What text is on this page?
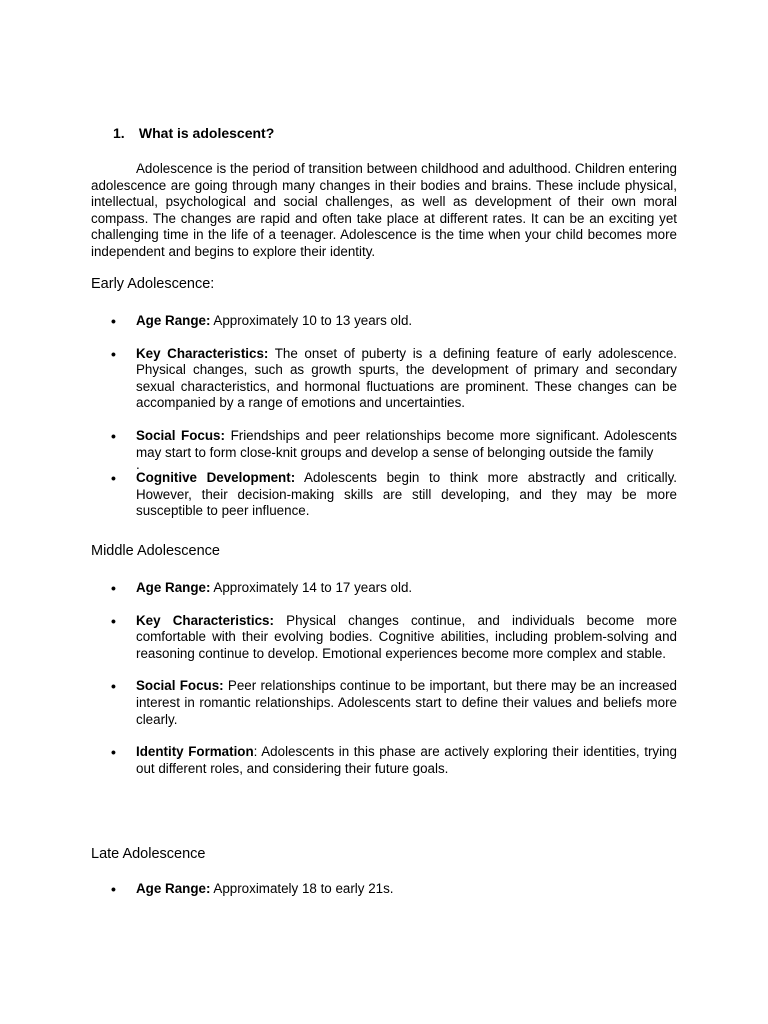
1. What is adolescent?

Adolescence is the period of transition between childhood and adulthood. Children entering adolescence are going through many changes in their bodies and brains. These include physical, intellectual, psychological and social challenges, as well as development of their own moral compass. The changes are rapid and often take place at different rates. It can be an exciting yet challenging time in the life of a teenager. Adolescence is the time when your child becomes more independent and begins to explore their identity.

Early Adolescence:
• Age Range: Approximately 10 to 13 years old.
• Key Characteristics: The onset of puberty is a defining feature of early adolescence. Physical changes, such as growth spurts, the development of primary and secondary sexual characteristics, and hormonal fluctuations are prominent. These changes can be accompanied by a range of emotions and uncertainties.
• Social Focus: Friendships and peer relationships become more significant. Adolescents may start to form close-knit groups and develop a sense of belonging outside the family
.
• Cognitive Development: Adolescents begin to think more abstractly and critically. However, their decision-making skills are still developing, and they may be more susceptible to peer influence.
Middle Adolescence
• Age Range: Approximately 14 to 17 years old.
• Key Characteristics: Physical changes continue, and individuals become more comfortable with their evolving bodies. Cognitive abilities, including problem-solving and reasoning continue to develop. Emotional experiences become more complex and stable.
• Social Focus: Peer relationships continue to be important, but there may be an increased interest in romantic relationships. Adolescents start to define their values and beliefs more clearly.
• Identity Formation: Adolescents in this phase are actively exploring their identities, trying out different roles, and considering their future goals.
Late Adolescence
• Age Range: Approximately 18 to early 21s.
